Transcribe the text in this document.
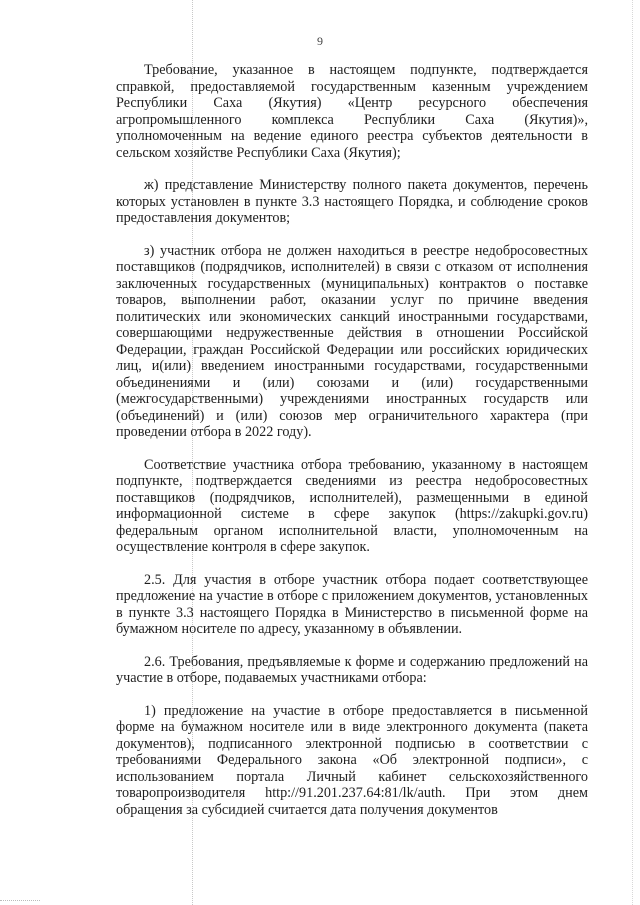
9

Требование, указанное в настоящем подпункте, подтверждается справкой, предоставляемой государственным казенным учреждением Республики Саха (Якутия) «Центр ресурсного обеспечения агропромышленного комплекса Республики Саха (Якутия)», уполномоченным на ведение единого реестра субъектов деятельности в сельском хозяйстве Республики Саха (Якутия);

ж) представление Министерству полного пакета документов, перечень которых установлен в пункте 3.3 настоящего Порядка, и соблюдение сроков предоставления документов;

з) участник отбора не должен находиться в реестре недобросовестных поставщиков (подрядчиков, исполнителей) в связи с отказом от исполнения заключенных государственных (муниципальных) контрактов о поставке товаров, выполнении работ, оказании услуг по причине введения политических или экономических санкций иностранными государствами, совершающими недружественные действия в отношении Российской Федерации, граждан Российской Федерации или российских юридических лиц, и(или) введением иностранными государствами, государственными объединениями и (или) союзами и (или) государственными (межгосударственными) учреждениями иностранных государств или (объединений) и (или) союзов мер ограничительного характера (при проведении отбора в 2022 году).

Соответствие участника отбора требованию, указанному в настоящем подпункте, подтверждается сведениями из реестра недобросовестных поставщиков (подрядчиков, исполнителей), размещенными в единой информационной системе в сфере закупок (https://zakupki.gov.ru) федеральным органом исполнительной власти, уполномоченным на осуществление контроля в сфере закупок.

2.5. Для участия в отборе участник отбора подает соответствующее предложение на участие в отборе с приложением документов, установленных в пункте 3.3 настоящего Порядка в Министерство в письменной форме на бумажном носителе по адресу, указанному в объявлении.

2.6. Требования, предъявляемые к форме и содержанию предложений на участие в отборе, подаваемых участниками отбора:

1) предложение на участие в отборе предоставляется в письменной форме на бумажном носителе или в виде электронного документа (пакета документов), подписанного электронной подписью в соответствии с требованиями Федерального закона «Об электронной подписи», с использованием портала Личный кабинет сельскохозяйственного товаропроизводителя http://91.201.237.64:81/lk/auth. При этом днем обращения за субсидией считается дата получения документов
